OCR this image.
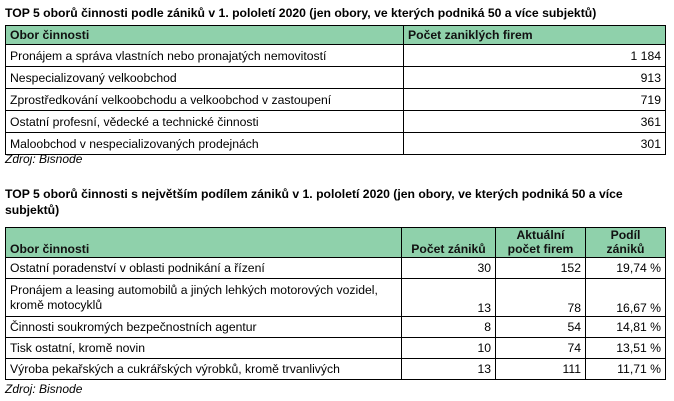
TOP 5 oborů činnosti podle zániků v 1. pololetí 2020 (jen obory, ve kterých podniká 50 a více subjektů)
Obor činnosti	Počet zaniklých firem
Pronájem a správa vlastních nebo pronajatých nemovitostí	1 184
Nespecializovaný velkoobchod	913
Zprostředkování velkoobchodu a velkoobchod v zastoupení	719
Ostatní profesní, vědecké a technické činnosti	361
Maloobchod v nespecializovaných prodejnách	301
Zdroj: Bisnode
TOP 5 oborů činnosti s největším podílem zániků v 1. pololetí 2020 (jen obory, ve kterých podniká 50 a více subjektů)
Obor činnosti	Počet zániků	Aktuální počet firem	Podíl zániků
Ostatní poradenství v oblasti podnikání a řízení	30	152	19,74 %
Pronájem a leasing automobilů a jiných lehkých motorových vozidel, kromě motocyklů	13	78	16,67 %
Činnosti soukromých bezpečnostních agentur	8	54	14,81 %
Tisk ostatní, kromě novin	10	74	13,51 %
Výroba pekařských a cukrářských výrobků, kromě trvanlivých	13	111	11,71 %
Zdroj: Bisnode
